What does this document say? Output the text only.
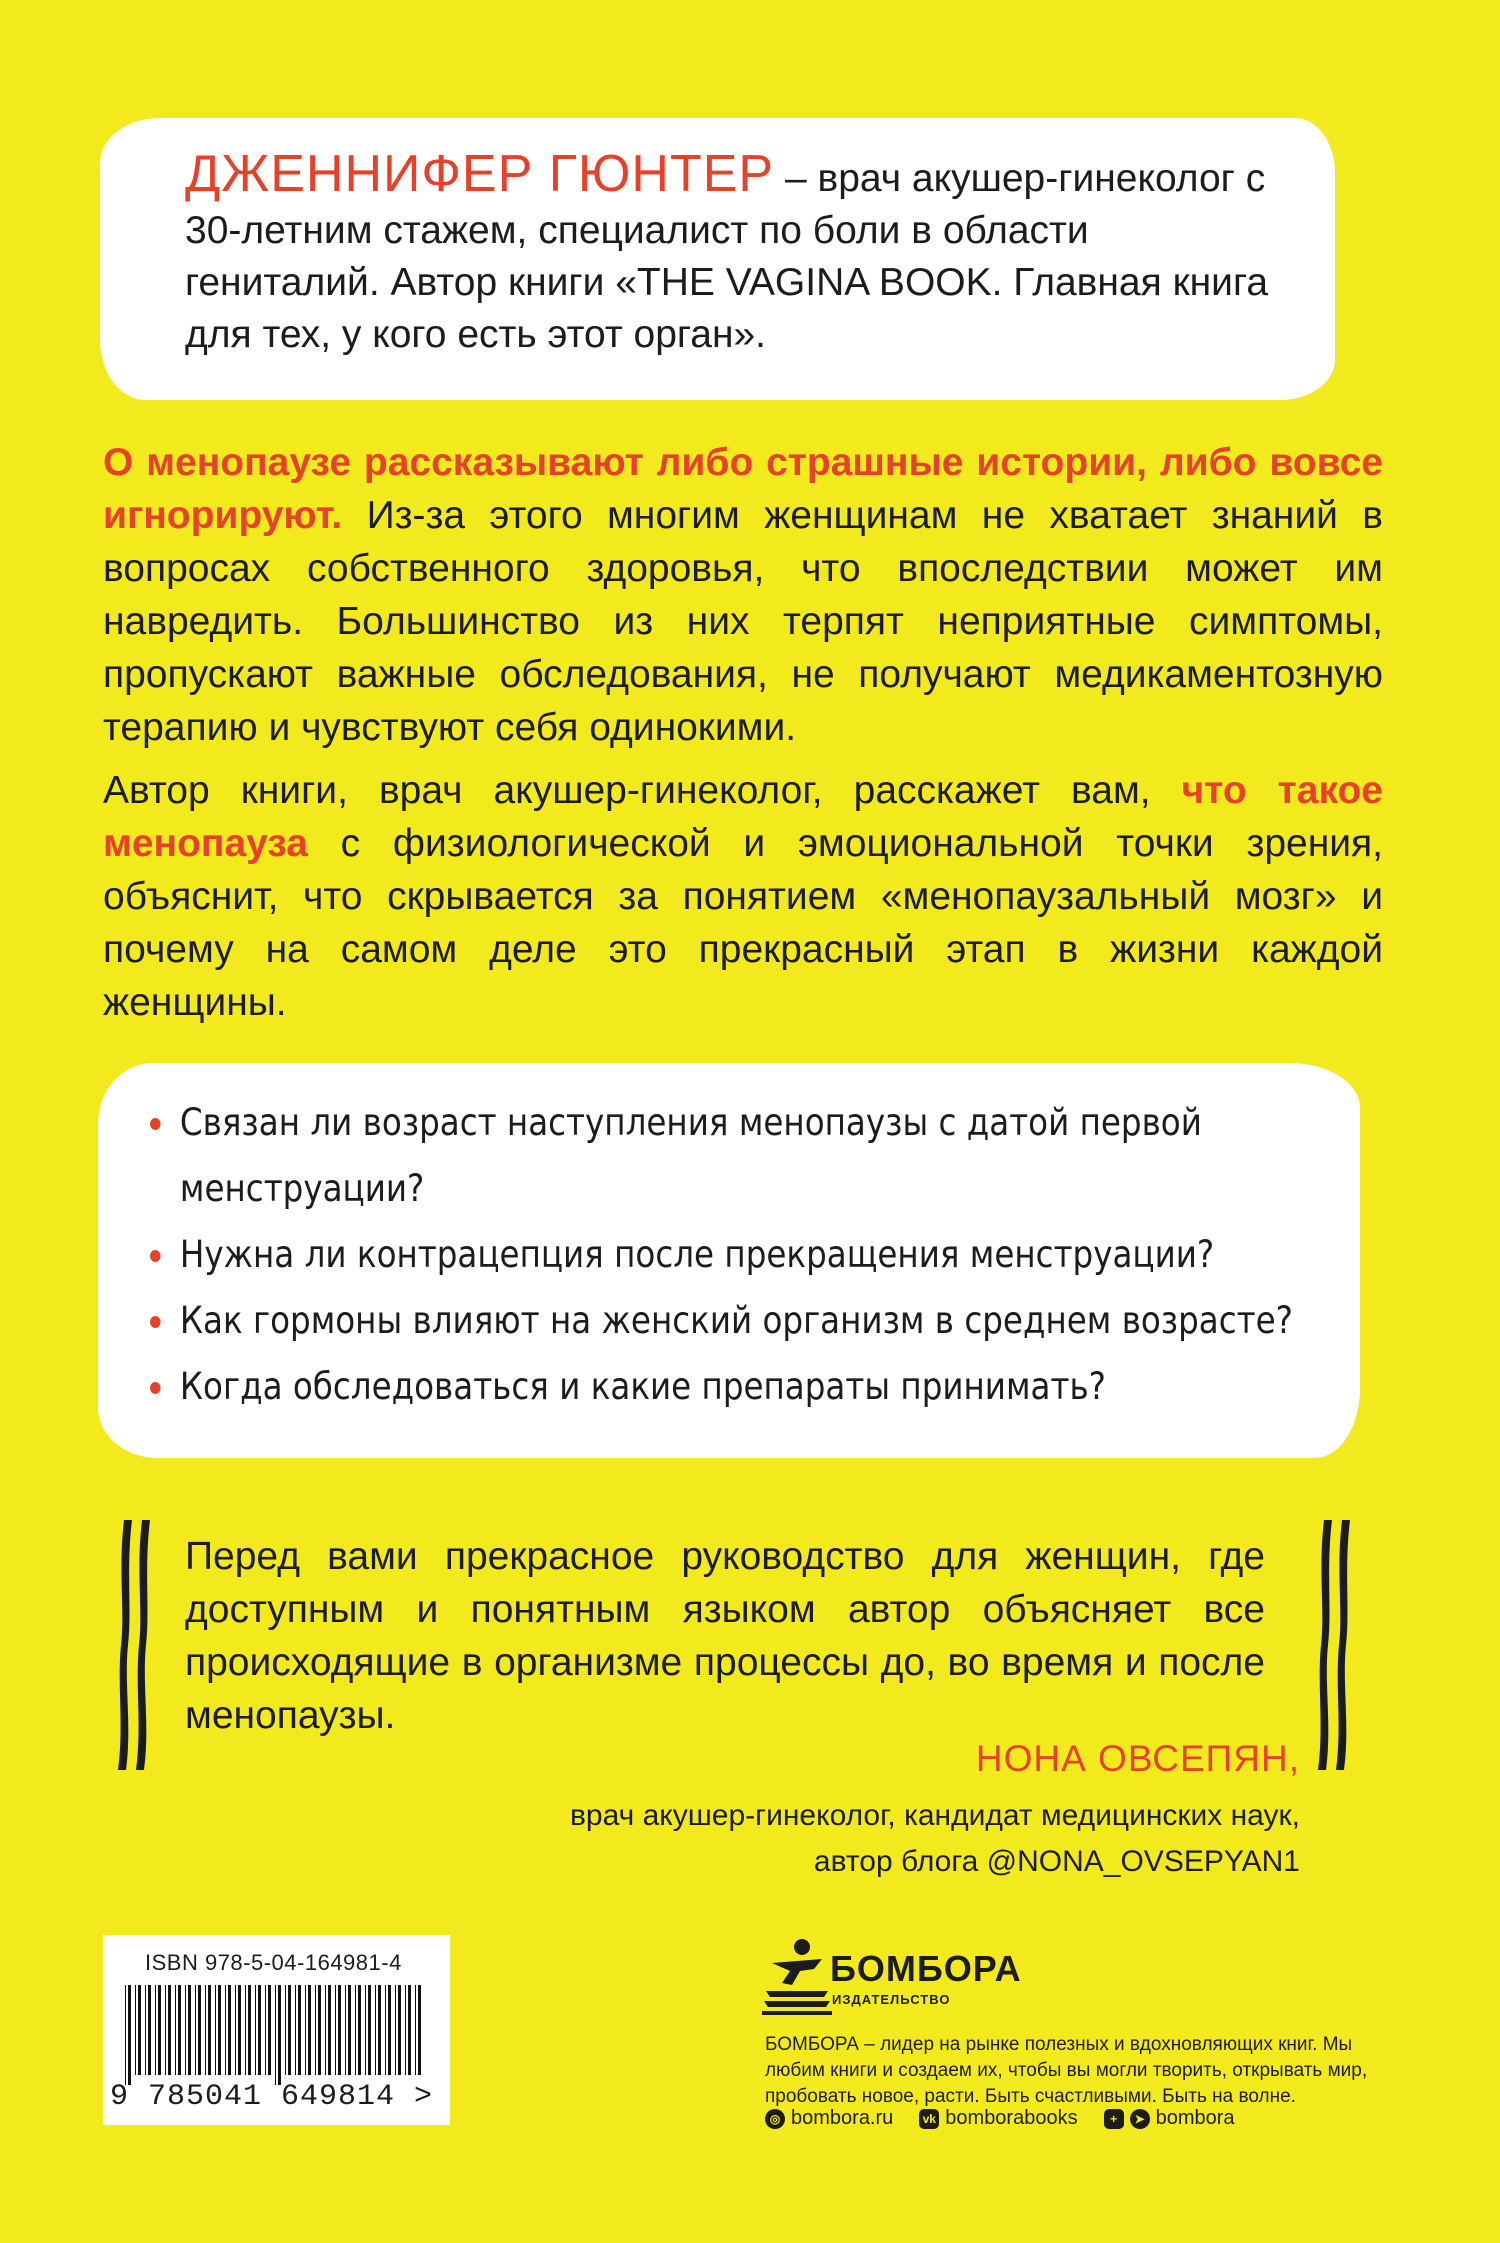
ДЖЕННИФЕР ГЮНТЕР – врач акушер-гинеколог с 30-летним стажем, специалист по боли в области гениталий. Автор книги «THE VAGINA BOOK. Главная книга для тех, у кого есть этот орган».
О менопаузе рассказывают либо страшные истории, либо вовсе игнорируют. Из-за этого многим женщинам не хватает знаний в вопросах собственного здоровья, что впоследствии может им навредить. Большинство из них терпят неприятные симптомы, пропускают важные обследования, не получают медикаментозную терапию и чувствуют себя одинокими.
Автор книги, врач акушер-гинеколог, расскажет вам, что такое менопауза с физиологической и эмоциональной точки зрения, объяснит, что скрывается за понятием «менопаузальный мозг» и почему на самом деле это прекрасный этап в жизни каждой женщины.
Связан ли возраст наступления менопаузы с датой первой менструации?
Нужна ли контрацепция после прекращения менструации?
Как гормоны влияют на женский организм в среднем возрасте?
Когда обследоваться и какие препараты принимать?
Перед вами прекрасное руководство для женщин, где доступным и понятным языком автор объясняет все происходящие в организме процессы до, во время и после менопаузы.
НОНА ОВСЕПЯН,
врач акушер-гинеколог, кандидат медицинских наук,
автор блога @NONA_OVSEPYAN1
ISBN 978-5-04-164981-4
9 785041 649814 >
БОМБОРА
ИЗДАТЕЛЬСТВО
БОМБОРА – лидер на рынке полезных и вдохновляющих книг. Мы любим книги и создаем их, чтобы вы могли творить, открывать мир, пробовать новое, расти. Быть счастливыми. Быть на волне.
◎ bombora.ru vk bomborabooks	+	➤ bombora
